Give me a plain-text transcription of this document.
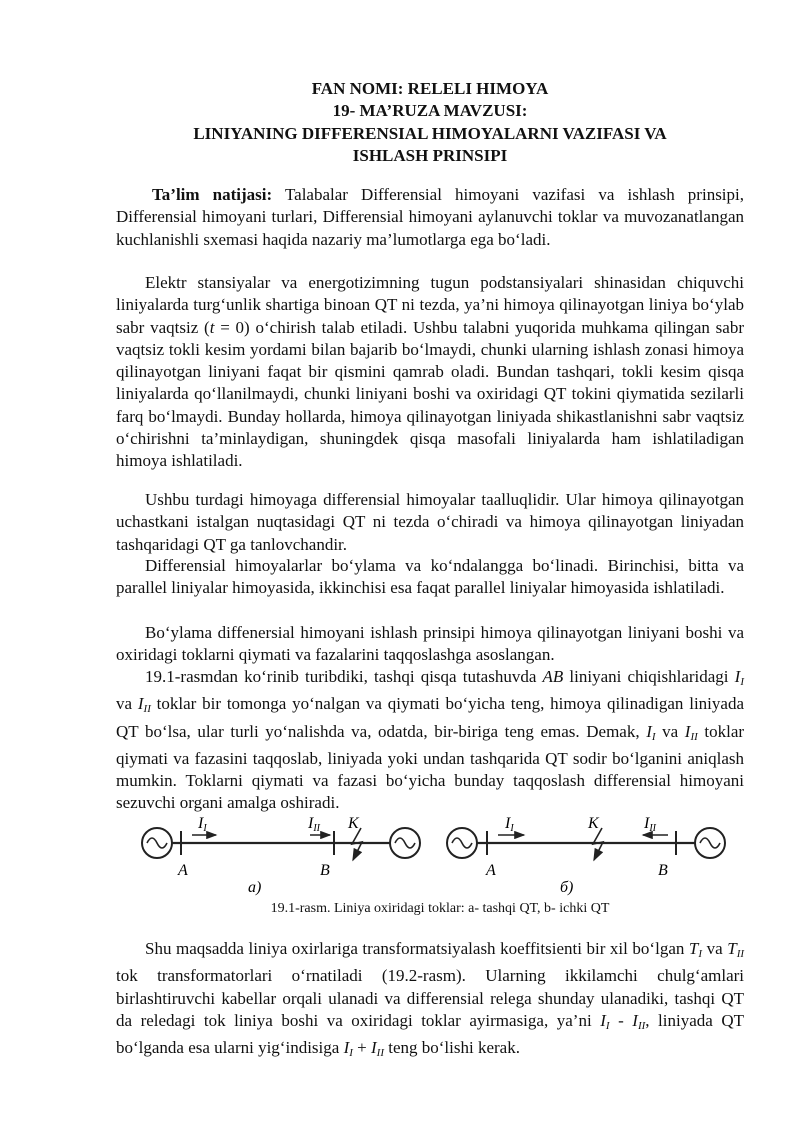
FAN NOMI: RELELI HIMOYA
19- MA’RUZA MAVZUSI:
LINIYANING DIFFERENSIAL HIMOYALARNI VAZIFASI VA
ISHLASH PRINSIPI
Ta’lim natijasi: Talabalar Differensial himoyani vazifasi va ishlash prinsipi, Differensial himoyani turlari, Differensial himoyani aylanuvchi toklar va muvozanatlangan kuchlanishli sxemasi haqida nazariy ma’lumotlarga ega bo‘ladi.
Elektr stansiyalar va energotizimning tugun podstansiyalari shinasidan chiquvchi liniyalarda turg‘unlik shartiga binoan QT ni tezda, ya’ni himoya qilinayotgan liniya bo‘ylab sabr vaqtsiz (t = 0) o‘chirish talab etiladi. Ushbu talabni yuqorida muhkama qilingan sabr vaqtsiz tokli kesim yordami bilan bajarib bo‘lmaydi, chunki ularning ishlash zonasi himoya qilinayotgan liniyani faqat bir qismini qamrab oladi. Bundan tashqari, tokli kesim qisqa liniyalarda qo‘llanilmaydi, chunki liniyani boshi va oxiridagi QT tokini qiymatida sezilarli farq bo‘lmaydi. Bunday hollarda, himoya qilinayotgan liniyada shikastlanishni sabr vaqtsiz o‘chirishni ta’minlaydigan, shuningdek qisqa masofali liniyalarda ham ishlatiladigan himoya ishlatiladi.
Ushbu turdagi himoyaga differensial himoyalar taalluqlidir. Ular himoya qilinayotgan uchastkani istalgan nuqtasidagi QT ni tezda o‘chiradi va himoya qilinayotgan liniyadan tashqaridagi QT ga tanlovchandir.
Differensial himoyalarlar bo‘ylama va ko‘ndalangga bo‘linadi. Birinchisi, bitta va parallel liniyalar himoyasida, ikkinchisi esa faqat parallel liniyalar himoyasida ishlatiladi.
Bo‘ylama diffenersial himoyani ishlash prinsipi himoya qilinayotgan liniyani boshi va oxiridagi toklarni qiymati va fazalarini taqqoslashga asoslangan.
19.1-rasmdan ko‘rinib turibdiki, tashqi qisqa tutashuvda AB liniyani chiqishlaridagi $I_I$ va $I_{II}$ toklar bir tomonga yo‘nalgan va qiymati bo‘yicha teng, himoya qilinadigan liniyada QT bo‘lsa, ular turli yo‘nalishda va, odatda, bir-biriga teng emas. Demak, $I_I$ va $I_{II}$ toklar qiymati va fazasini taqqoslab, liniyada yoki undan tashqarida QT sodir bo‘lganini aniqlash mumkin. Toklarni qiymati va fazasi bo‘yicha bunday taqqoslash differensial himoyani sezuvchi organi amalga oshiradi.
II	III K
A	B
а)
II	III
K
A	B
б)
19.1-rasm. Liniya oxiridagi toklar: a- tashqi QT, b- ichki QT
Shu maqsadda liniya oxirlariga transformatsiyalash koeffitsienti bir xil bo‘lgan $T_I$ va $T_{II}$ tok transformatorlari o‘rnatiladi (19.2-rasm). Ularning ikkilamchi chulg‘amlari birlashtiruvchi kabellar orqali ulanadi va differensial relega shunday ulanadiki, tashqi QT da reledagi tok liniya boshi va oxiridagi toklar ayirmasiga, ya’ni $I_I - I_{II}$, liniyada QT bo‘lganda esa ularni yig‘indisiga $I_I + I_{II}$ teng bo‘lishi kerak.
